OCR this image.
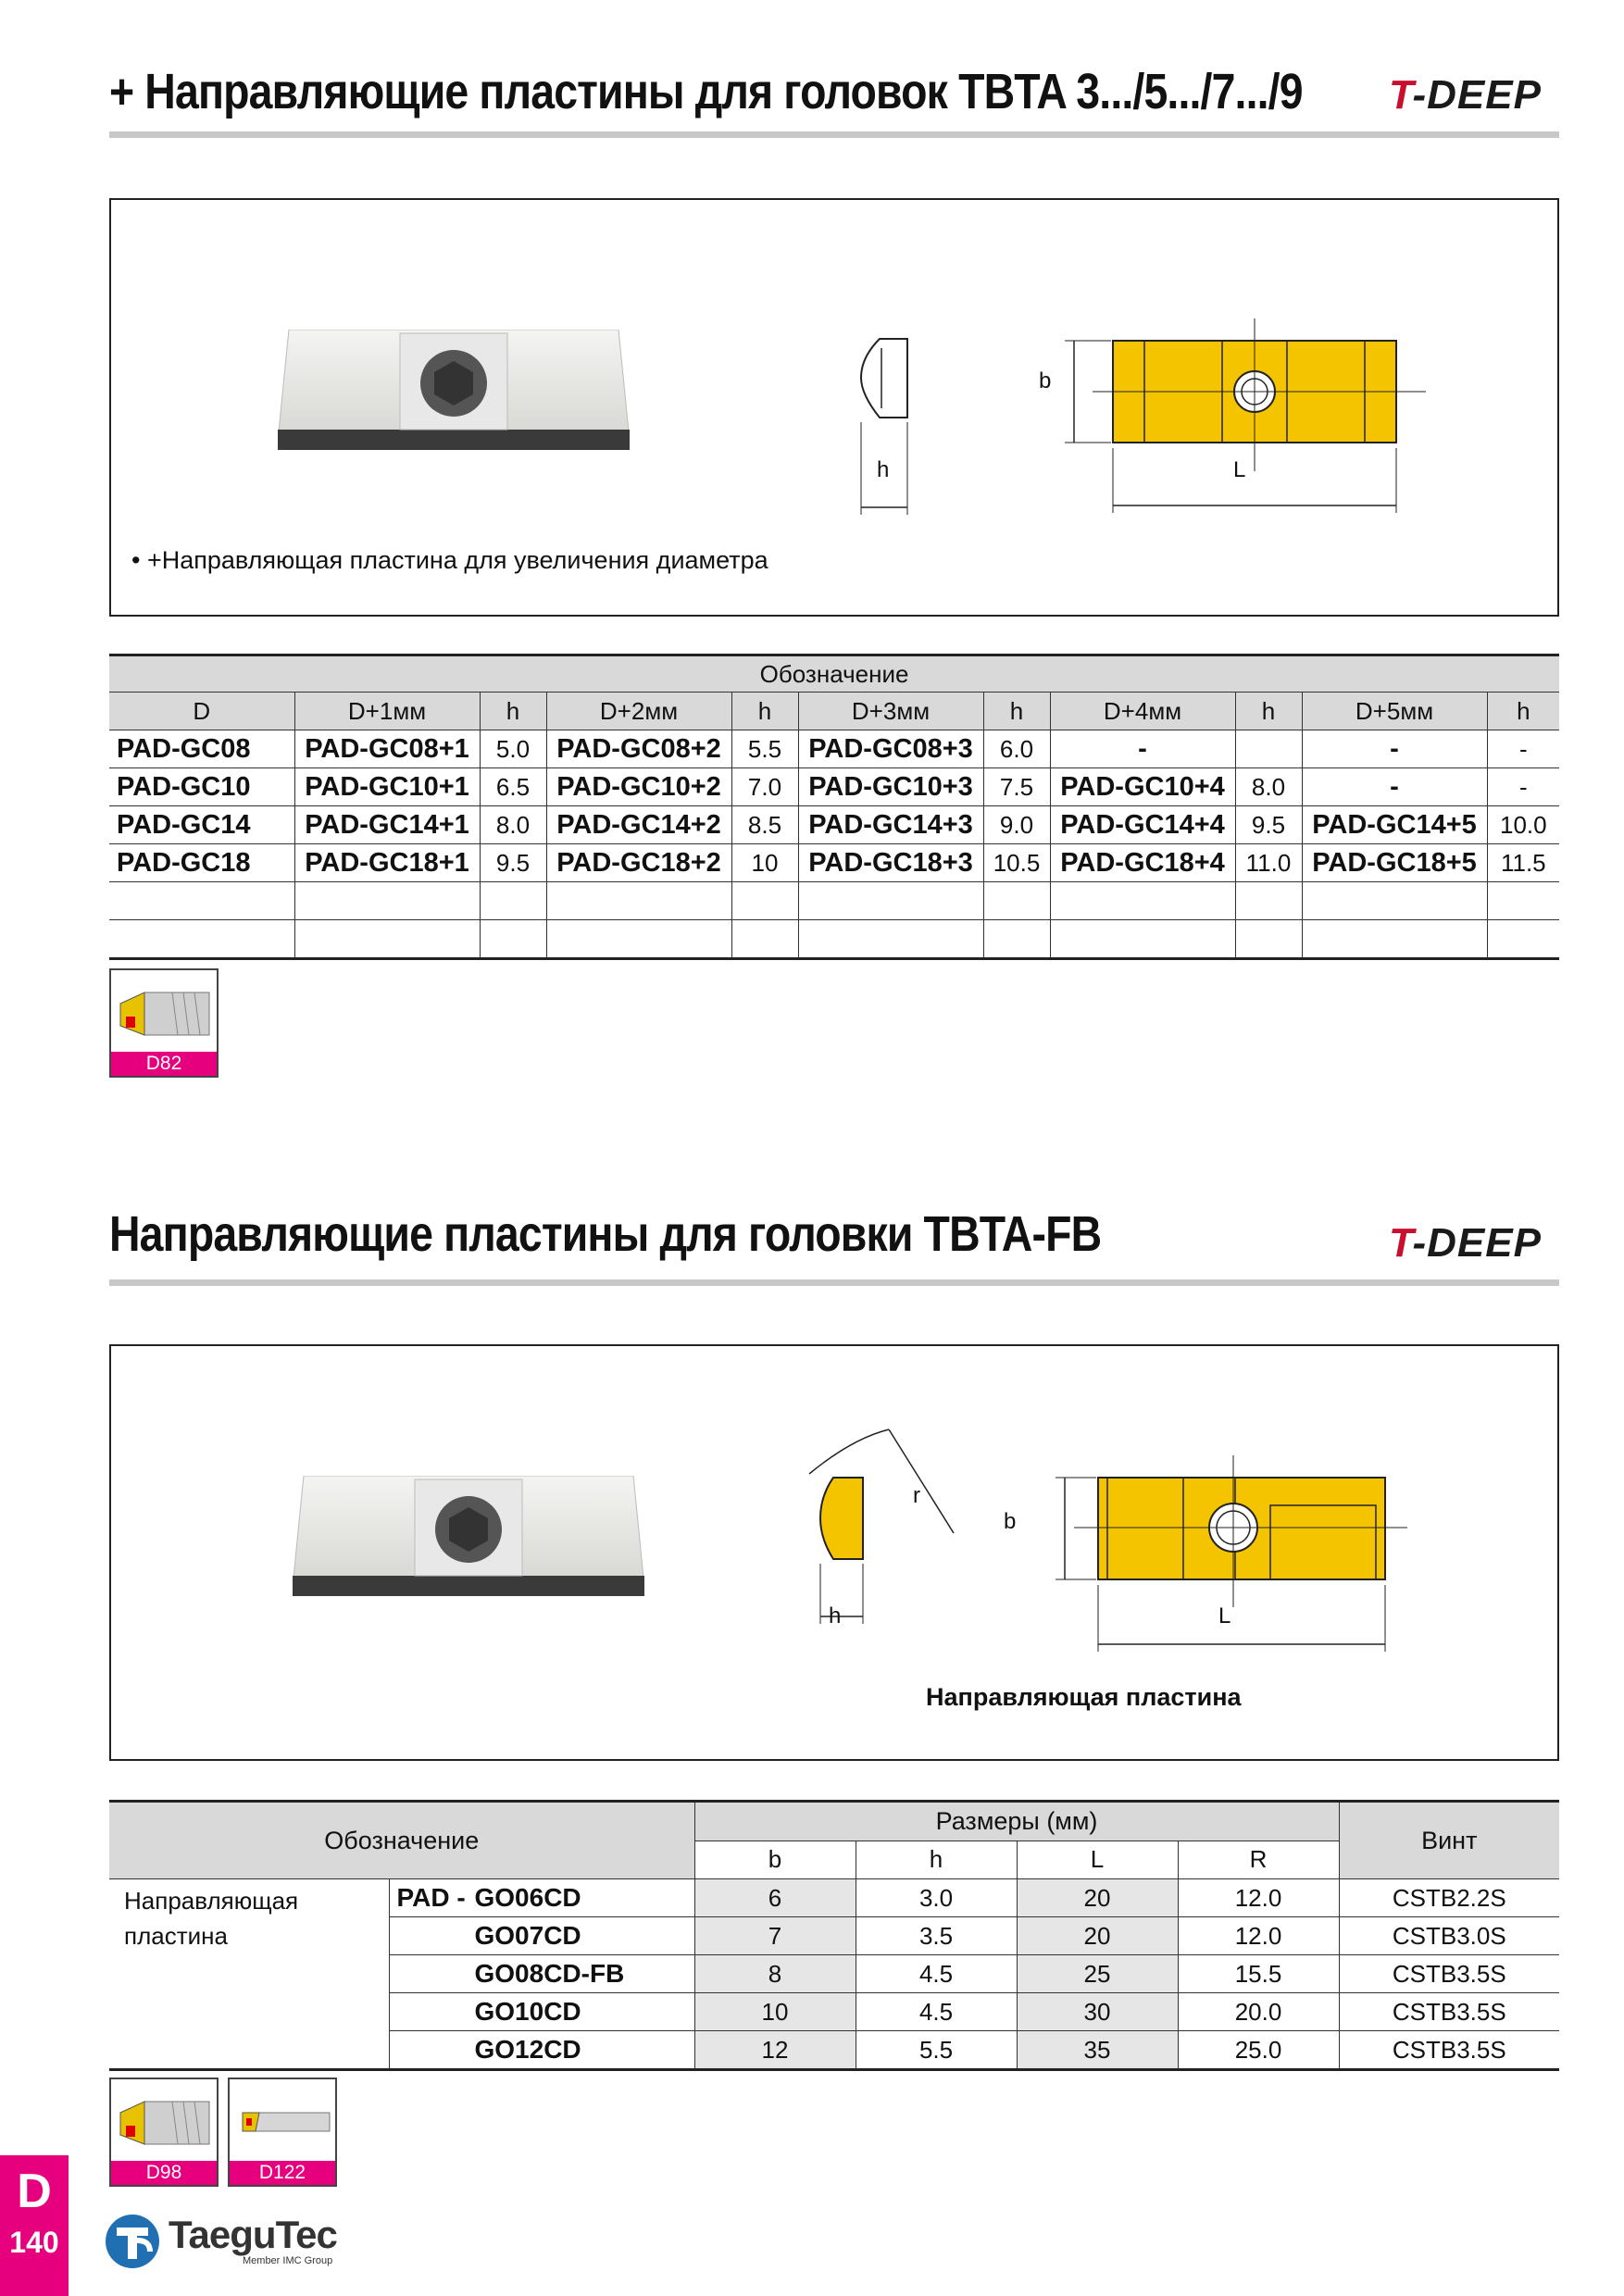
+ Направляющие пластины для головок TBTA 3.../5.../7.../9 T-DEEP
h
b
L
• +Направляющая пластина для увеличения диаметра
Обозначение										
D	D+1мм	h	D+2мм	h	D+3мм	h	D+4мм	h	D+5мм	h
PAD-GC08	PAD-GC08+1	5.0	PAD-GC08+2	5.5	PAD-GC08+3	6.0	-		-	-
PAD-GC10	PAD-GC10+1	6.5	PAD-GC10+2	7.0	PAD-GC10+3	7.5	PAD-GC10+4	8.0	-	-
PAD-GC14	PAD-GC14+1	8.0	PAD-GC14+2	8.5	PAD-GC14+3	9.0	PAD-GC14+4	9.5	PAD-GC14+5	10.0
PAD-GC18	PAD-GC18+1	9.5	PAD-GC18+2	10	PAD-GC18+3	10.5	PAD-GC18+4	11.0	PAD-GC18+5	11.5

D82
Направляющие пластины для головки TBTA-FB	T-DEEP
r
h
b
L
Направляющая пластина
Обозначение		Размеры (мм)				Винт
		b	h	L	R	

Направляющая
пластина	PAD - GO06CD	6	3.0	20	12.0	CSTB2.2S
	GO07CD	7	3.5	20	12.0	CSTB3.0S
	GO08CD-FB	8	4.5	25	15.5	CSTB3.5S
	GO10CD	10	4.5	30	20.0	CSTB3.5S
	GO12CD	12	5.5	35	25.0	CSTB3.5S
D98	D122
D
140	TaeguTec
Member IMC Group
